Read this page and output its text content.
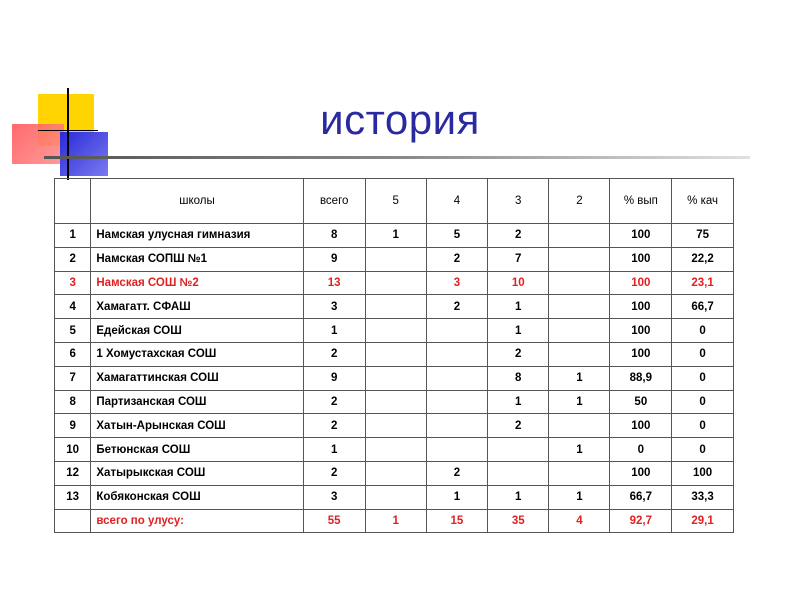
история
	школы	всего	5	4	3	2	% вып	% кач
1	Намская улусная гимназия	8	1	5	2		100	75
2	Намская СОПШ №1	9		2	7		100	22,2
3	Намская СОШ №2	13		3	10		100	23,1
4	Хамагатт. СФАШ	3		2	1		100	66,7
5	Едейская СОШ	1			1		100	0
6	1 Хомустахская СОШ	2			2		100	0
7	Хамагаттинская СОШ	9			8	1	88,9	0
8	Партизанская СОШ	2			1	1	50	0
9	Хатын-Арынская СОШ	2			2		100	0
10	Бетюнская СОШ	1				1	0	0
12	Хатырыкская СОШ	2		2			100	100
13	Кобяконская СОШ	3		1	1	1	66,7	33,3
	всего по улусу:	55	1	15	35	4	92,7	29,1
